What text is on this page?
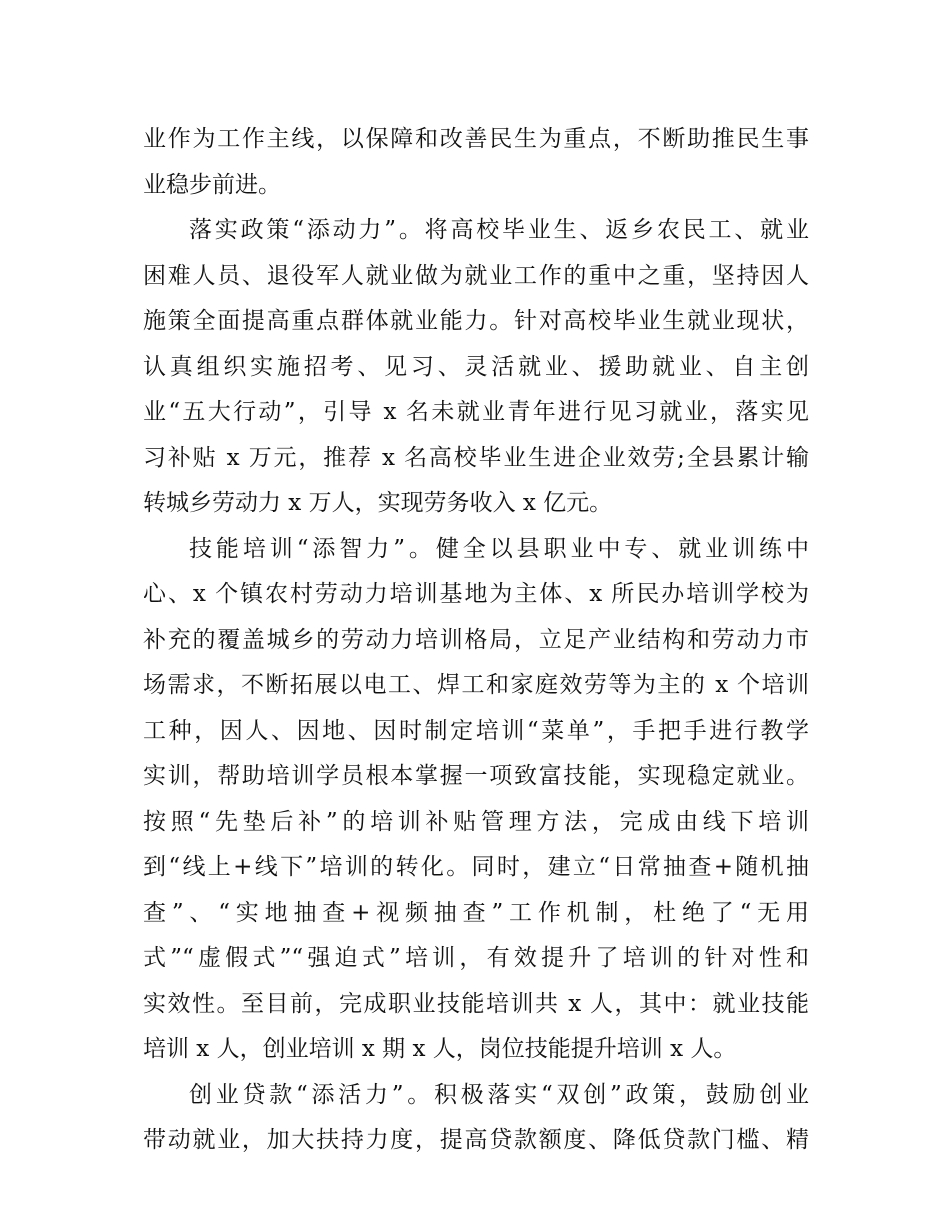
业作为工作主线，以保障和改善民生为重点，不断助推民生事
业稳步前进。
落实政策“添动力”。将高校毕业生、返乡农民工、就业
困难人员、退役军人就业做为就业工作的重中之重，坚持因人
施策全面提高重点群体就业能力。针对高校毕业生就业现状，
认真组织实施招考、见习、灵活就业、援助就业、自主创
业“五大行动”，引导 x 名未就业青年进行见习就业，落实见
习补贴 x 万元，推荐 x 名高校毕业生进企业效劳;全县累计输
转城乡劳动力 x 万人，实现劳务收入 x 亿元。
技能培训“添智力”。健全以县职业中专、就业训练中
心、x 个镇农村劳动力培训基地为主体、x 所民办培训学校为
补充的覆盖城乡的劳动力培训格局，立足产业结构和劳动力市
场需求，不断拓展以电工、焊工和家庭效劳等为主的 x 个培训
工种，因人、因地、因时制定培训“菜单”，手把手进行教学
实训，帮助培训学员根本掌握一项致富技能，实现稳定就业。
按照“先垫后补”的培训补贴管理方法，完成由线下培训
到“线上+线下”培训的转化。同时，建立“日常抽查+随机抽
查”、“实地抽查+视频抽查”工作机制，杜绝了“无用
式”“虚假式”“强迫式”培训，有效提升了培训的针对性和
实效性。至目前，完成职业技能培训共 x 人，其中：就业技能
培训 x 人，创业培训 x 期 x 人，岗位技能提升培训 x 人。
创业贷款“添活力”。积极落实“双创”政策，鼓励创业
带动就业，加大扶持力度，提高贷款额度、降低贷款门槛、精
